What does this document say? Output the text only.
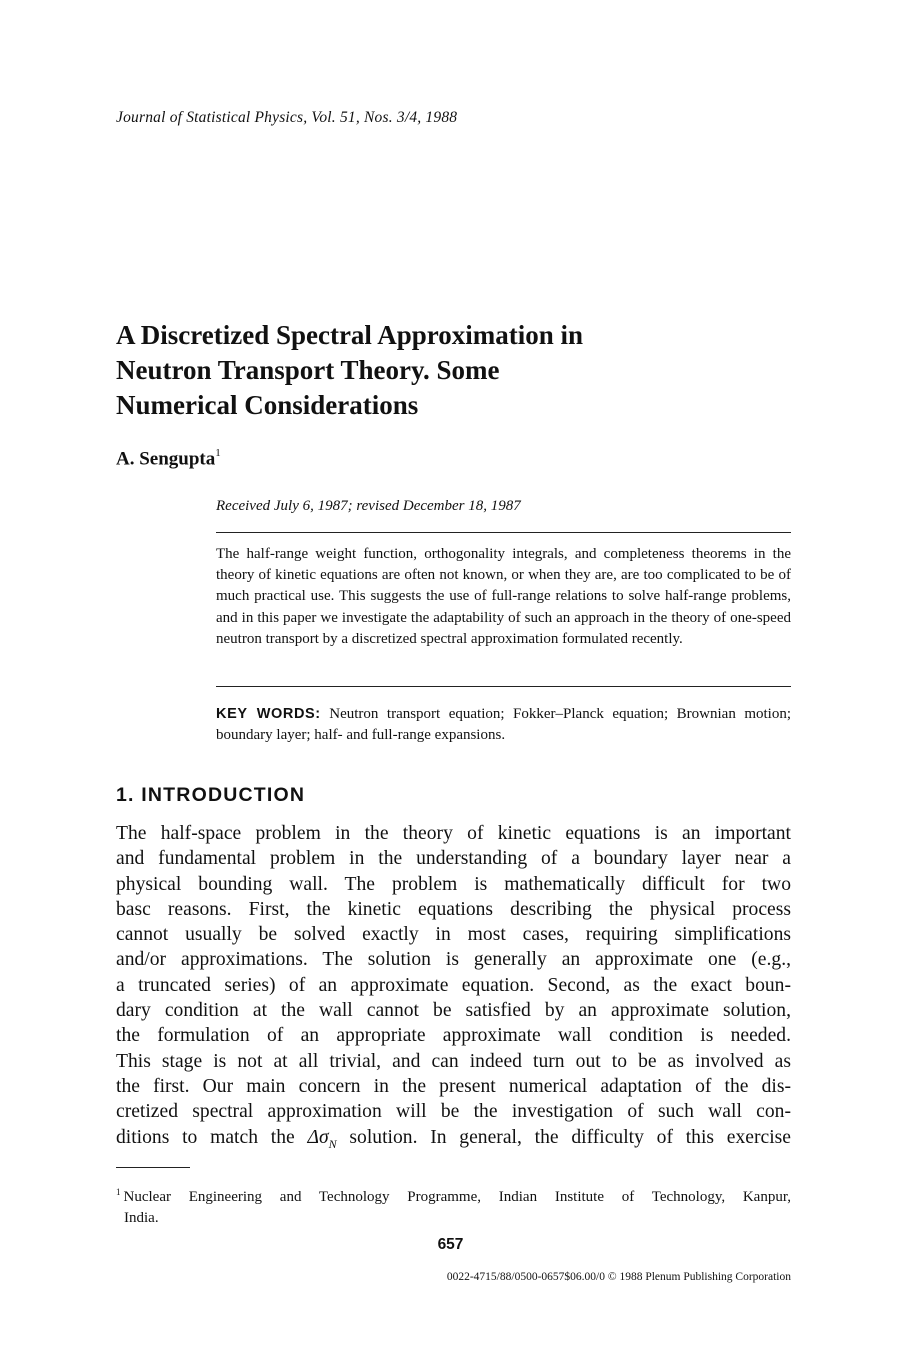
Journal of Statistical Physics, Vol. 51, Nos. 3/4, 1988
A Discretized Spectral Approximation in
Neutron Transport Theory. Some
Numerical Considerations
A. Sengupta$^1$
Received July 6, 1987; revised December 18, 1987
The half-range weight function, orthogonality integrals, and completeness theorems in the theory of kinetic equations are often not known, or when they are, are too complicated to be of much practical use. This suggests the use of full-range relations to solve half-range problems, and in this paper we investigate the adaptability of such an approach in the theory of one-speed neutron transport by a discretized spectral approximation formulated recently.
KEY WORDS: Neutron transport equation; Fokker–Planck equation; Brownian motion; boundary layer; half- and full-range expansions.
1. INTRODUCTION
The half-space problem in the theory of kinetic equations is an important
and fundamental problem in the understanding of a boundary layer near a
physical bounding wall. The problem is mathematically difficult for two
basc reasons. First, the kinetic equations describing the physical process
cannot usually be solved exactly in most cases, requiring simplifications
and/or approximations. The solution is generally an approximate one (e.g.,
a truncated series) of an approximate equation. Second, as the exact boun-
dary condition at the wall cannot be satisfied by an approximate solution,
the formulation of an appropriate approximate wall condition is needed.
This stage is not at all trivial, and can indeed turn out to be as involved as
the first. Our main concern in the present numerical adaptation of the dis-
cretized spectral approximation will be the investigation of such wall con-
ditions to match the $\Delta\sigma_N$ solution. In general, the difficulty of this exercise
$^1$ Nuclear Engineering and Technology Programme, Indian Institute of Technology, Kanpur,
India.
657
0022-4715/88/0500-0657$06.00/0 © 1988 Plenum Publishing Corporation
